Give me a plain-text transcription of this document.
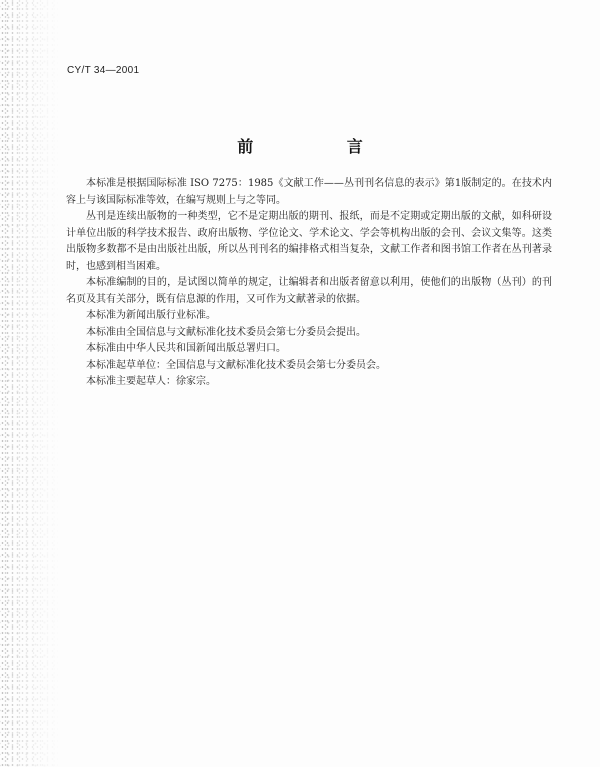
CY/T 34—2001
前 言

本标准是根据国际标准 ISO 7275：1985《文献工作——丛刊刊名信息的表示》第1版制定的。在技术内容上与该国际标准等效，在编写规则上与之等同。

丛刊是连续出版物的一种类型，它不是定期出版的期刊、报纸，而是不定期或定期出版的文献，如科研设计单位出版的科学技术报告、政府出版物、学位论文、学术论文、学会等机构出版的会刊、会议文集等。这类出版物多数都不是由出版社出版，所以丛刊刊名的编排格式相当复杂，文献工作者和图书馆工作者在丛刊著录时，也感到相当困难。

本标准编制的目的，是试图以简单的规定，让编辑者和出版者留意以利用，使他们的出版物（丛刊）的刊名页及其有关部分，既有信息源的作用，又可作为文献著录的依据。

本标准为新闻出版行业标准。

本标准由全国信息与文献标准化技术委员会第七分委员会提出。

本标准由中华人民共和国新闻出版总署归口。

本标准起草单位：全国信息与文献标准化技术委员会第七分委员会。

本标准主要起草人：徐家宗。
